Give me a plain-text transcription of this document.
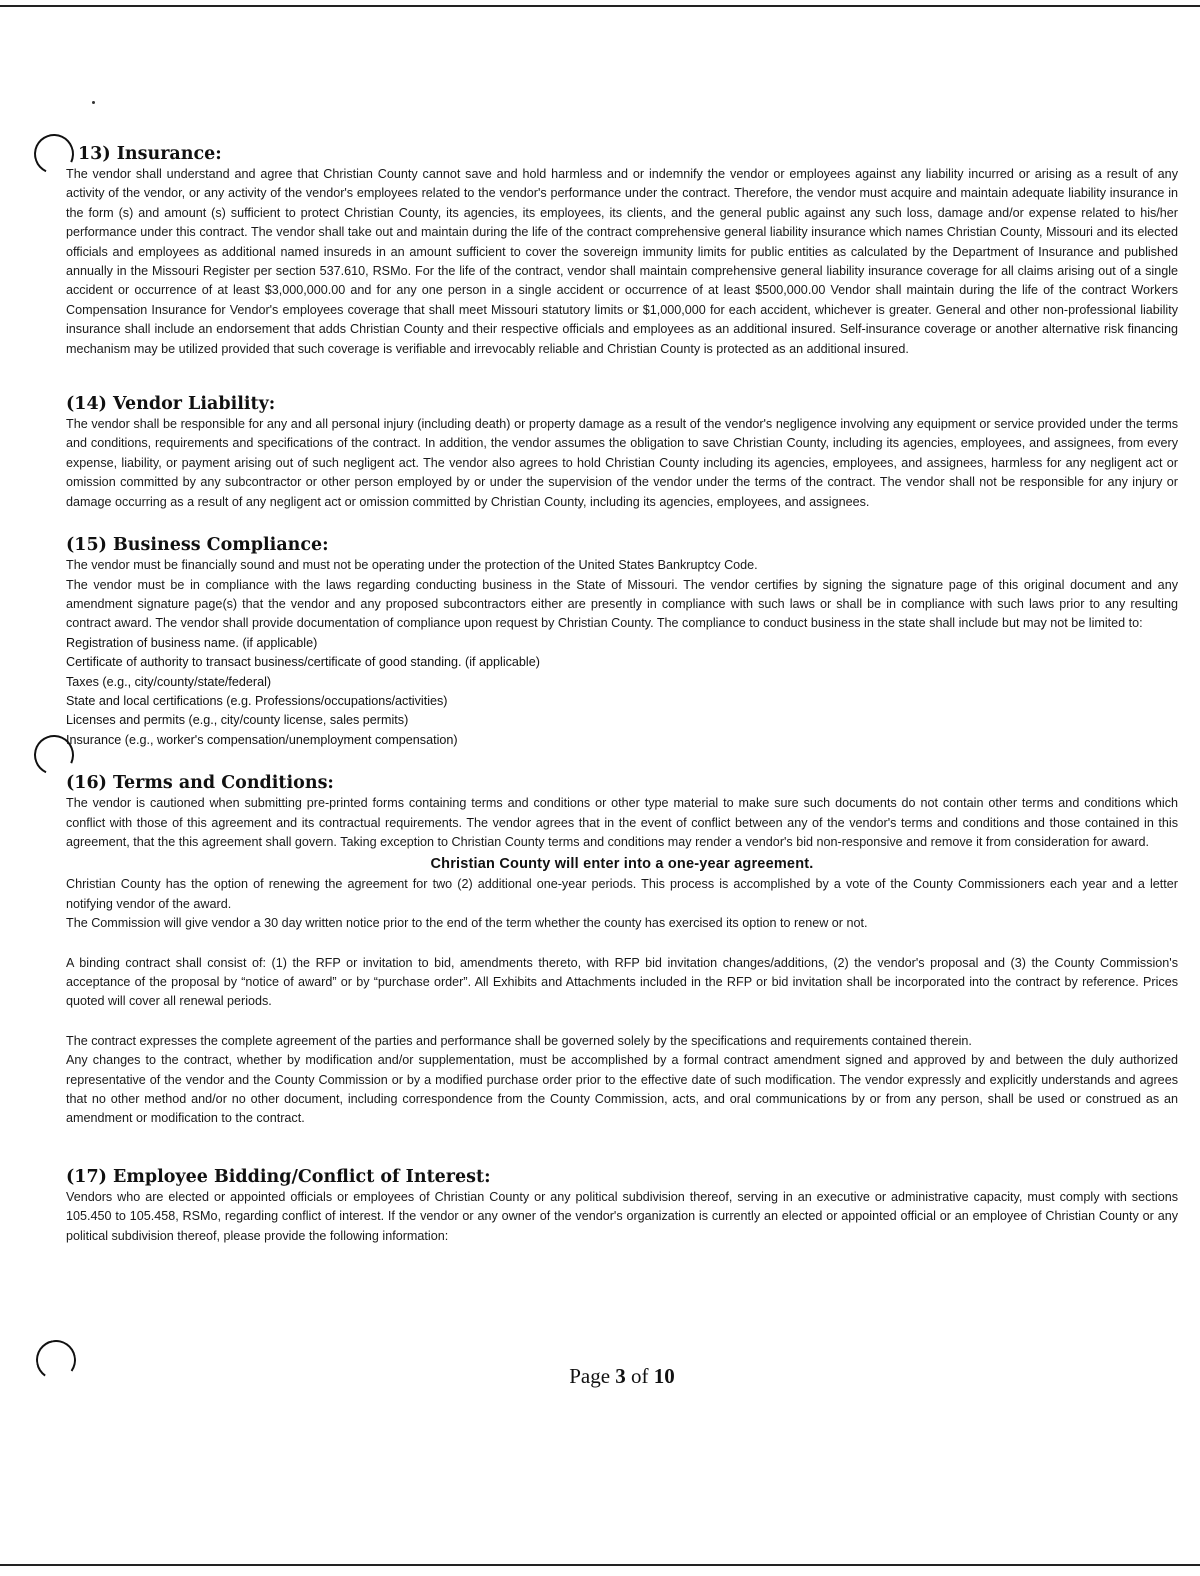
13) Insurance:

The vendor shall understand and agree that Christian County cannot save and hold harmless and or indemnify the vendor or employees against any liability incurred or arising as a result of any activity of the vendor, or any activity of the vendor's employees related to the vendor's performance under the contract. Therefore, the vendor must acquire and maintain adequate liability insurance in the form (s) and amount (s) sufficient to protect Christian County, its agencies, its employees, its clients, and the general public against any such loss, damage and/or expense related to his/her performance under this contract. The vendor shall take out and maintain during the life of the contract comprehensive general liability insurance which names Christian County, Missouri and its elected officials and employees as additional named insureds in an amount sufficient to cover the sovereign immunity limits for public entities as calculated by the Department of Insurance and published annually in the Missouri Register per section 537.610, RSMo. For the life of the contract, vendor shall maintain comprehensive general liability insurance coverage for all claims arising out of a single accident or occurrence of at least $3,000,000.00 and for any one person in a single accident or occurrence of at least $500,000.00 Vendor shall maintain during the life of the contract Workers Compensation Insurance for Vendor's employees coverage that shall meet Missouri statutory limits or $1,000,000 for each accident, whichever is greater. General and other non-professional liability insurance shall include an endorsement that adds Christian County and their respective officials and employees as an additional insured. Self-insurance coverage or another alternative risk financing mechanism may be utilized provided that such coverage is verifiable and irrevocably reliable and Christian County is protected as an additional insured.

(14) Vendor Liability:

The vendor shall be responsible for any and all personal injury (including death) or property damage as a result of the vendor's negligence involving any equipment or service provided under the terms and conditions, requirements and specifications of the contract. In addition, the vendor assumes the obligation to save Christian County, including its agencies, employees, and assignees, from every expense, liability, or payment arising out of such negligent act. The vendor also agrees to hold Christian County including its agencies, employees, and assignees, harmless for any negligent act or omission committed by any subcontractor or other person employed by or under the supervision of the vendor under the terms of the contract. The vendor shall not be responsible for any injury or damage occurring as a result of any negligent act or omission committed by Christian County, including its agencies, employees, and assignees.

(15) Business Compliance:

The vendor must be financially sound and must not be operating under the protection of the United States Bankruptcy Code.

The vendor must be in compliance with the laws regarding conducting business in the State of Missouri. The vendor certifies by signing the signature page of this original document and any amendment signature page(s) that the vendor and any proposed subcontractors either are presently in compliance with such laws or shall be in compliance with such laws prior to any resulting contract award. The vendor shall provide documentation of compliance upon request by Christian County. The compliance to conduct business in the state shall include but may not be limited to:

Registration of business name. (if applicable)
Certificate of authority to transact business/certificate of good standing. (if applicable)
Taxes (e.g., city/county/state/federal)
State and local certifications (e.g. Professions/occupations/activities)
Licenses and permits (e.g., city/county license, sales permits)
Insurance (e.g., worker's compensation/unemployment compensation)
(16) Terms and Conditions:

The vendor is cautioned when submitting pre-printed forms containing terms and conditions or other type material to make sure such documents do not contain other terms and conditions which conflict with those of this agreement and its contractual requirements. The vendor agrees that in the event of conflict between any of the vendor's terms and conditions and those contained in this agreement, that the this agreement shall govern. Taking exception to Christian County terms and conditions may render a vendor's bid non-responsive and remove it from consideration for award.

Christian County will enter into a one-year agreement.

Christian County has the option of renewing the agreement for two (2) additional one-year periods. This process is accomplished by a vote of the County Commissioners each year and a letter notifying vendor of the award.

The Commission will give vendor a 30 day written notice prior to the end of the term whether the county has exercised its option to renew or not.

A binding contract shall consist of: (1) the RFP or invitation to bid, amendments thereto, with RFP bid invitation changes/additions, (2) the vendor's proposal and (3) the County Commission's acceptance of the proposal by “notice of award” or by “purchase order”. All Exhibits and Attachments included in the RFP or bid invitation shall be incorporated into the contract by reference. Prices quoted will cover all renewal periods.

The contract expresses the complete agreement of the parties and performance shall be governed solely by the specifications and requirements contained therein.

Any changes to the contract, whether by modification and/or supplementation, must be accomplished by a formal contract amendment signed and approved by and between the duly authorized representative of the vendor and the County Commission or by a modified purchase order prior to the effective date of such modification. The vendor expressly and explicitly understands and agrees that no other method and/or no other document, including correspondence from the County Commission, acts, and oral communications by or from any person, shall be used or construed as an amendment or modification to the contract.

(17) Employee Bidding/Conflict of Interest:

Vendors who are elected or appointed officials or employees of Christian County or any political subdivision thereof, serving in an executive or administrative capacity, must comply with sections 105.450 to 105.458, RSMo, regarding conflict of interest. If the vendor or any owner of the vendor's organization is currently an elected or appointed official or an employee of Christian County or any political subdivision thereof, please provide the following information:

Page 3 of 10
